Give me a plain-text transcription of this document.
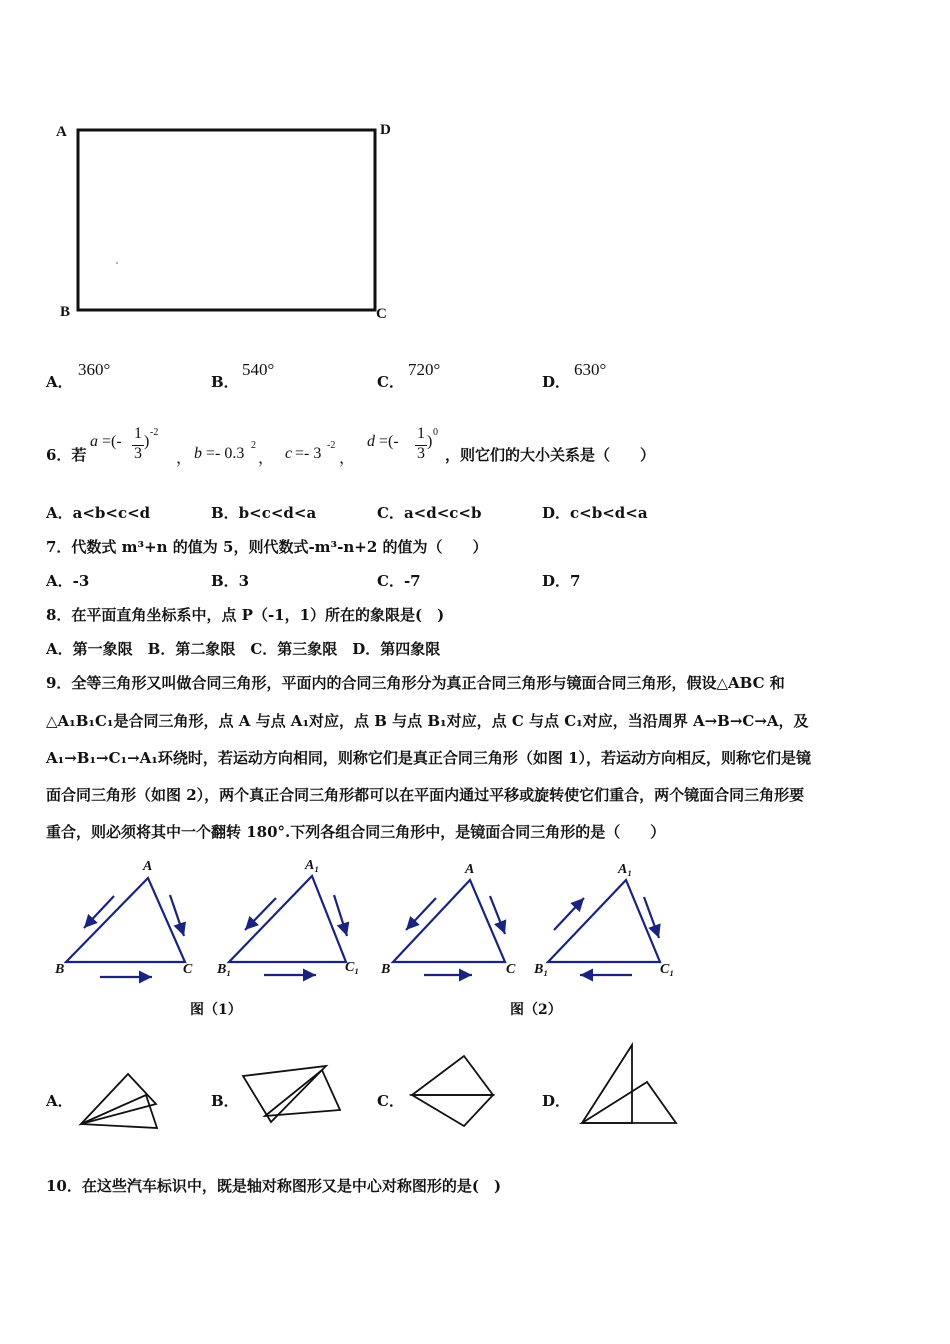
A	D
B	C
A．
360°
B．
540°
C．
720°
D．
630°
6．若
a =(- 1
3
)
-2
， b =- 0.3 2
， c =- 3 -2
，
d =(- 1
3
)
0
，则它们的大小关系是（　　）
A．a<b<c<d	B．b<c<d<a	C．a<d<c<b	D．c<b<d<a
7．代数式 m³+n 的值为 5，则代数式-m³-n+2 的值为（　　）
A．-3	B．3	C．-7	D．7
8．在平面直角坐标系中，点 P（-1，1）所在的象限是(　)
A．第一象限　B．第二象限　C．第三象限　D．第四象限
9．全等三角形又叫做合同三角形，平面内的合同三角形分为真正合同三角形与镜面合同三角形，假设△ABC 和
△A₁B₁C₁是合同三角形，点 A 与点 A₁对应，点 B 与点 B₁对应，点 C 与点 C₁对应，当沿周界 A→B→C→A，及
A₁→B₁→C₁→A₁环绕时，若运动方向相同，则称它们是真正合同三角形（如图 1），若运动方向相反，则称它们是镜
面合同三角形（如图 2），两个真正合同三角形都可以在平面内通过平移或旋转使它们重合，两个镜面合同三角形要
重合，则必须将其中一个翻转 180°.下列各组合同三角形中，是镜面合同三角形的是（　　）
A
B	C
A₁
B₁	C₁
A
B	C
A₁
B₁	C₁
图（1）	图（2）
A．	B．	C．	D．
10．在这些汽车标识中，既是轴对称图形又是中心对称图形的是(　)
